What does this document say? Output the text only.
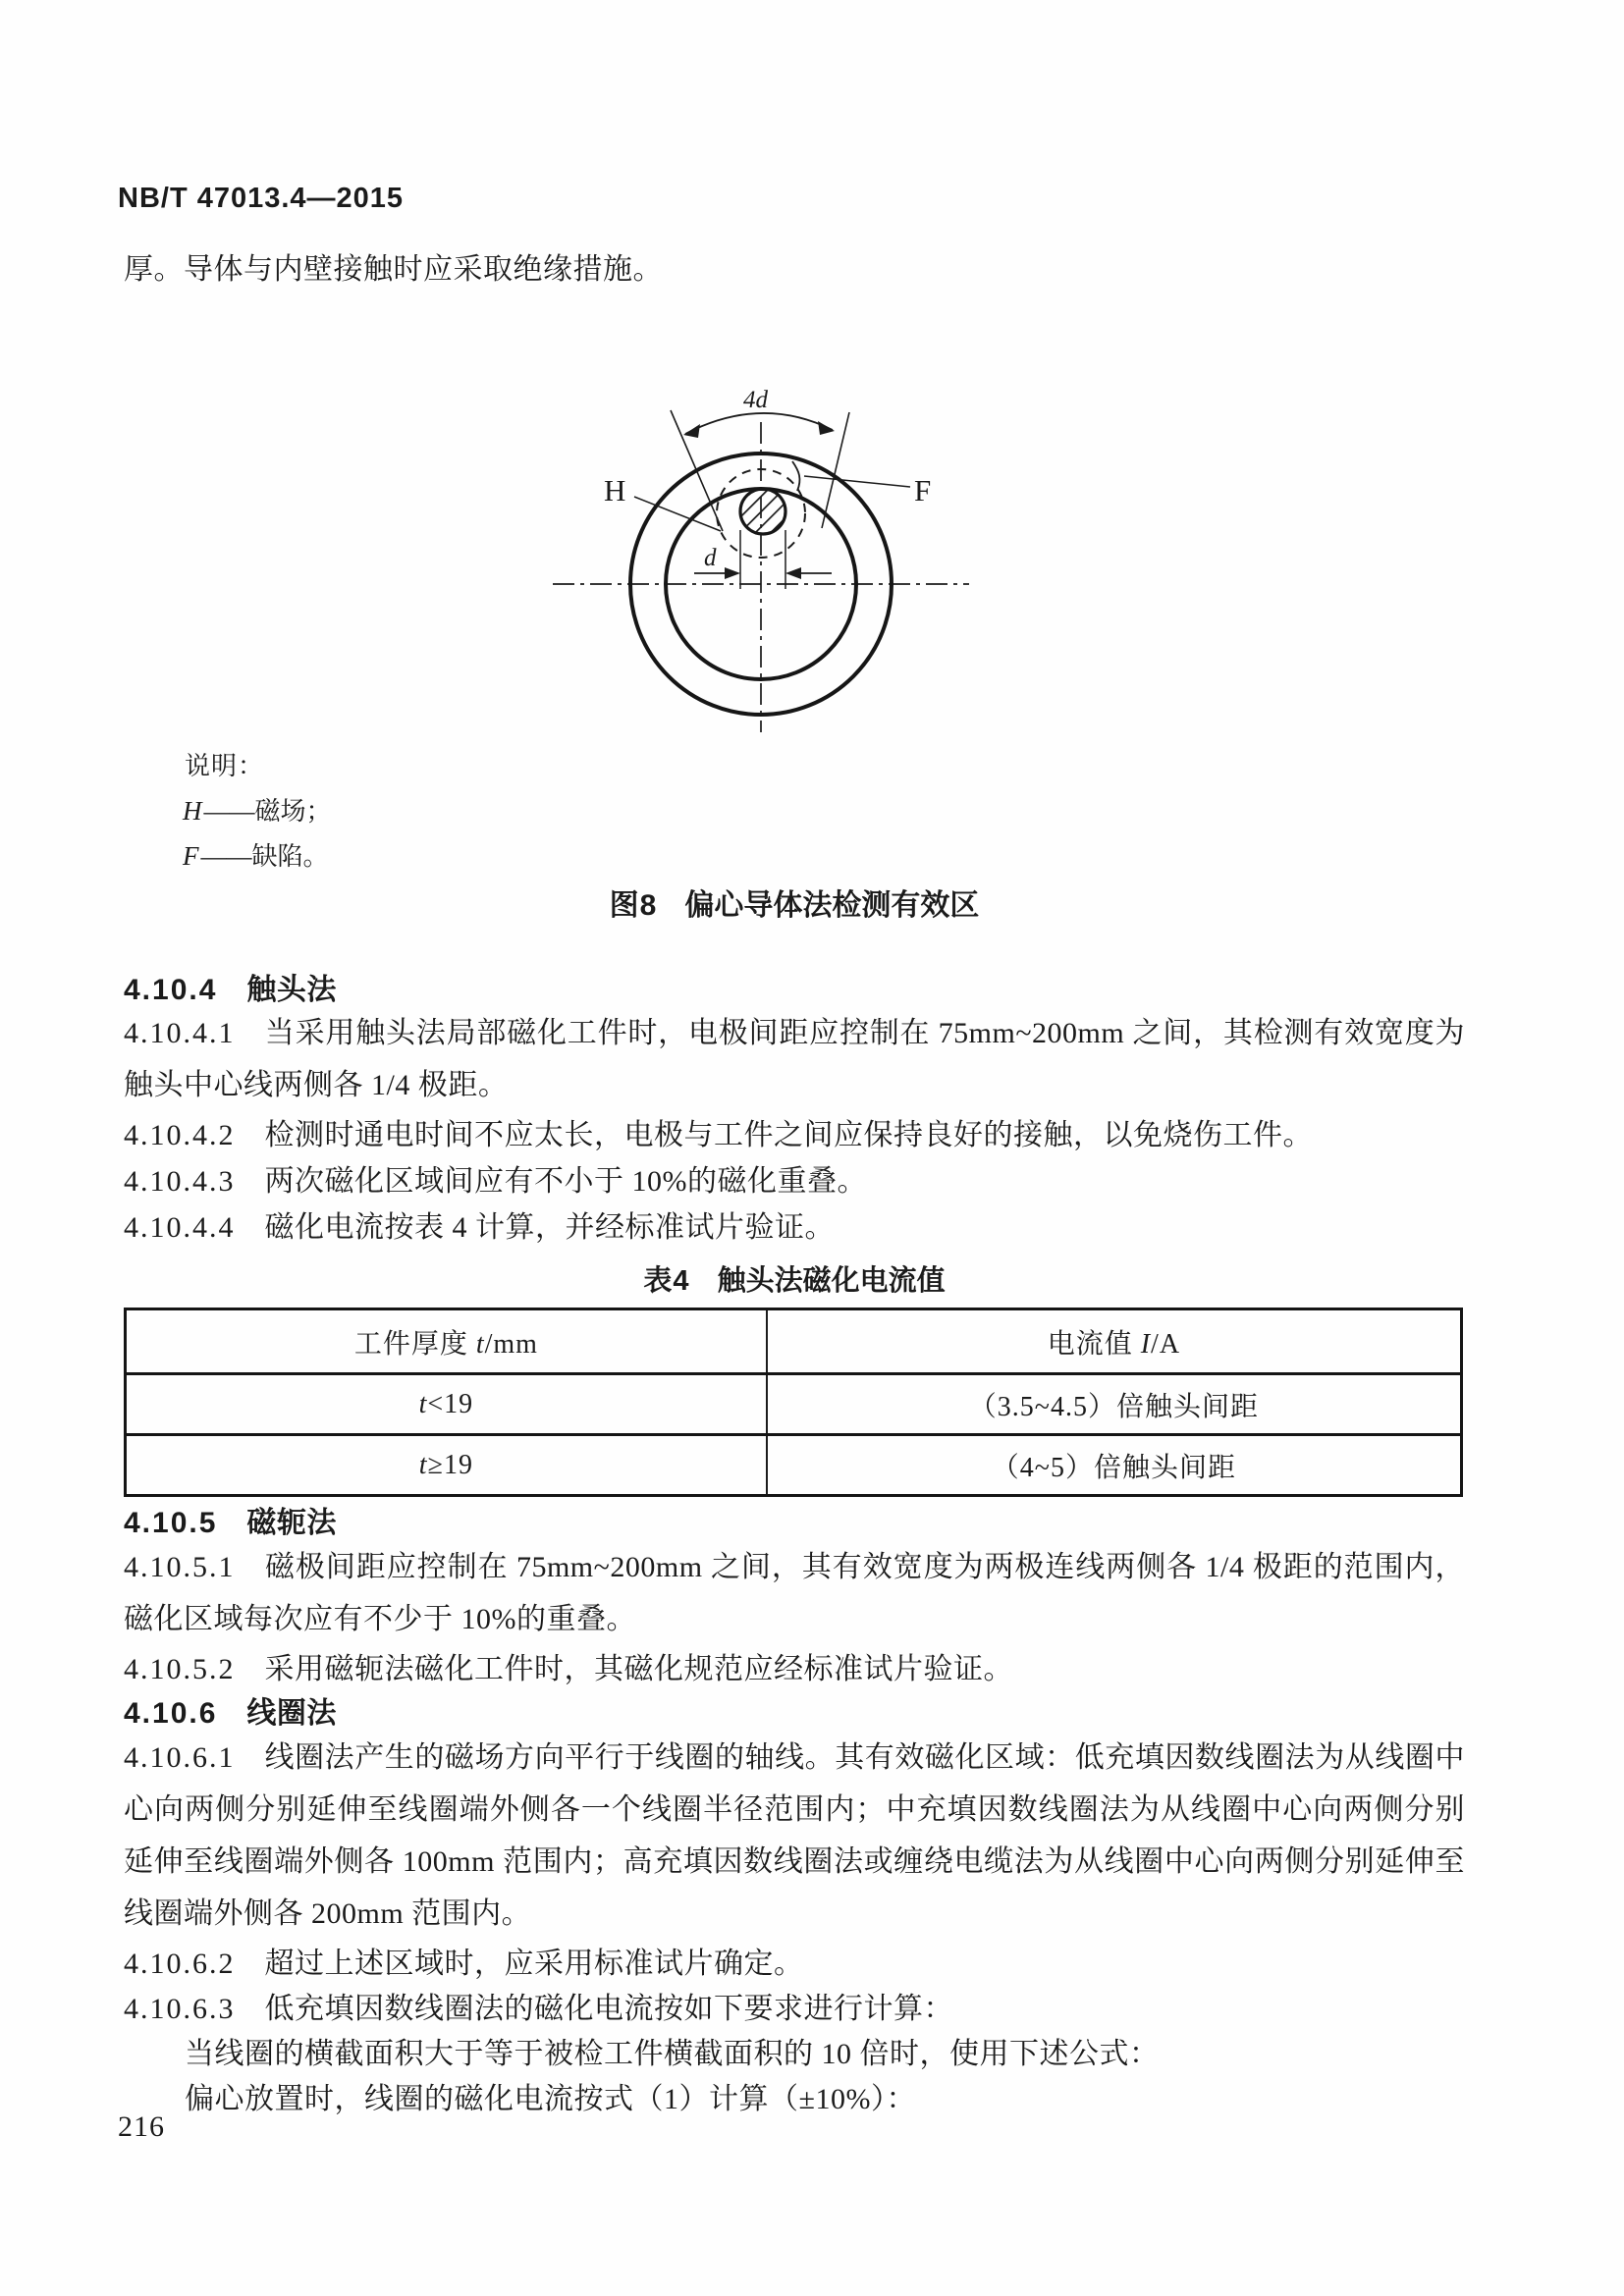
NB/T 47013.4—2015
厚。导体与内壁接触时应采取绝缘措施。
4d
H	F
d
说明：
H——磁场；
F——缺陷。
图8 偏心导体法检测有效区
4.10.4 触头法
4.10.4.1 当采用触头法局部磁化工件时，电极间距应控制在 75mm~200mm 之间，其检测有效宽度为触头中心线两侧各 1/4 极距。
4.10.4.2 检测时通电时间不应太长，电极与工件之间应保持良好的接触，以免烧伤工件。
4.10.4.3 两次磁化区域间应有不小于 10%的磁化重叠。
4.10.4.4 磁化电流按表 4 计算，并经标准试片验证。
表4 触头法磁化电流值
工件厚度 t/mm	电流值 I/A
t<19	（3.5~4.5）倍触头间距
t≥19	（4~5）倍触头间距
4.10.5 磁轭法
4.10.5.1 磁极间距应控制在 75mm~200mm 之间，其有效宽度为两极连线两侧各 1/4 极距的范围内，磁化区域每次应有不少于 10%的重叠。
4.10.5.2 采用磁轭法磁化工件时，其磁化规范应经标准试片验证。
4.10.6 线圈法
4.10.6.1 线圈法产生的磁场方向平行于线圈的轴线。其有效磁化区域：低充填因数线圈法为从线圈中心向两侧分别延伸至线圈端外侧各一个线圈半径范围内；中充填因数线圈法为从线圈中心向两侧分别延伸至线圈端外侧各 100mm 范围内；高充填因数线圈法或缠绕电缆法为从线圈中心向两侧分别延伸至线圈端外侧各 200mm 范围内。
4.10.6.2 超过上述区域时，应采用标准试片确定。
4.10.6.3 低充填因数线圈法的磁化电流按如下要求进行计算：
当线圈的横截面积大于等于被检工件横截面积的 10 倍时，使用下述公式：
偏心放置时，线圈的磁化电流按式（1）计算（±10%）：
216
